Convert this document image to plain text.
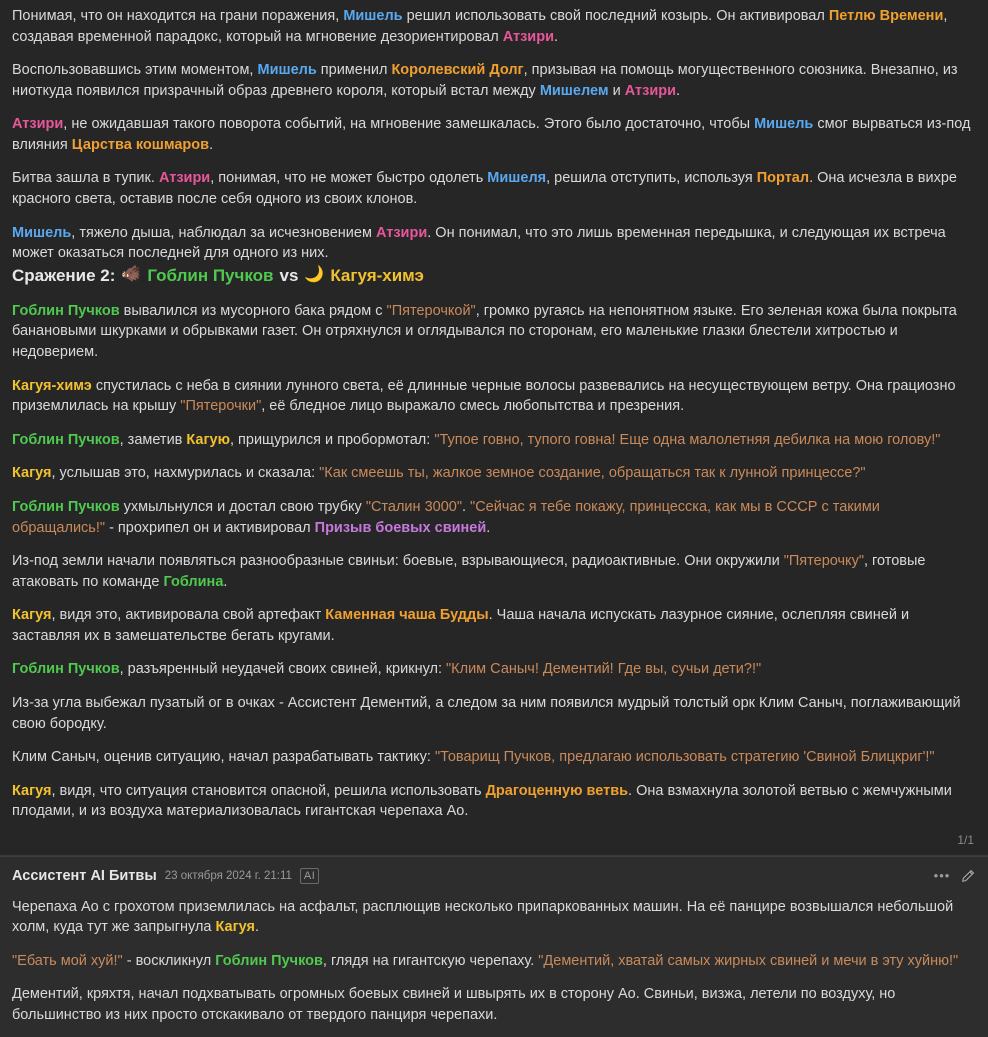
Понимая, что он находится на грани поражения, Мишель решил использовать свой последний козырь. Он активировал Петлю Времени, создавая временной парадокс, который на мгновение дезориентировал Атзири.

Воспользовавшись этим моментом, Мишель применил Королевский Долг, призывая на помощь могущественного союзника. Внезапно, из ниоткуда появился призрачный образ древнего короля, который встал между Мишелем и Атзири.

Атзири, не ожидавшая такого поворота событий, на мгновение замешкалась. Этого было достаточно, чтобы Мишель смог вырваться из-под влияния Царства кошмаров.

Битва зашла в тупик. Атзири, понимая, что не может быстро одолеть Мишеля, решила отступить, используя Портал. Она исчезла в вихре красного света, оставив после себя одного из своих клонов.

Мишель, тяжело дыша, наблюдал за исчезновением Атзири. Он понимал, что это лишь временная передышка, и следующая их встреча может оказаться последней для одного из них.

Сражение 2: 🐗 Гоблин Пучков vs 🌙 Кагуя-химэ

Гоблин Пучков вывалился из мусорного бака рядом с "Пятерочкой", громко ругаясь на непонятном языке. Его зеленая кожа была покрыта банановыми шкурками и обрывками газет. Он отряхнулся и оглядывался по сторонам, его маленькие глазки блестели хитростью и недоверием.

Кагуя-химэ спустилась с неба в сиянии лунного света, её длинные черные волосы развевались на несуществующем ветру. Она грациозно приземлилась на крышу "Пятерочки", её бледное лицо выражало смесь любопытства и презрения.

Гоблин Пучков, заметив Кагую, прищурился и пробормотал: "Тупое говно, тупого говна! Еще одна малолетняя дебилка на мою голову!"

Кагуя, услышав это, нахмурилась и сказала: "Как смеешь ты, жалкое земное создание, обращаться так к лунной принцессе?"

Гоблин Пучков ухмыльнулся и достал свою трубку "Сталин 3000". "Сейчас я тебе покажу, принцесска, как мы в СССР с такими обращались!" - прохрипел он и активировал Призыв боевых свиней.

Из-под земли начали появляться разнообразные свиньи: боевые, взрывающиеся, радиоактивные. Они окружили "Пятерочку", готовые атаковать по команде Гоблина.

Кагуя, видя это, активировала свой артефакт Каменная чаша Будды. Чаша начала испускать лазурное сияние, ослепляя свиней и заставляя их в замешательстве бегать кругами.

Гоблин Пучков, разъяренный неудачей своих свиней, крикнул: "Клим Саныч! Дементий! Где вы, сучьи дети?!"

Из-за угла выбежал пузатый ог в очках - Ассистент Дементий, а следом за ним появился мудрый толстый орк Клим Саныч, поглаживающий свою бородку.

Клим Саныч, оценив ситуацию, начал разрабатывать тактику: "Товарищ Пучков, предлагаю использовать стратегию 'Свиной Блицкриг'!"

Кагуя, видя, что ситуация становится опасной, решила использовать Драгоценную ветвь. Она взмахнула золотой ветвью с жемчужными плодами, и из воздуха материализовалась гигантская черепаха Ао.

1/1
Ассистент AI Битвы 23 октября 2024 г. 21:11	AI	•••

Черепаха Ао с грохотом приземлилась на асфальт, расплющив несколько припаркованных машин. На её панцире возвышался небольшой холм, куда тут же запрыгнула Кагуя.

"Ебать мой хуй!" - воскликнул Гоблин Пучков, глядя на гигантскую черепаху. "Дементий, хватай самых жирных свиней и мечи в эту хуйню!"

Дементий, кряхтя, начал подхватывать огромных боевых свиней и швырять их в сторону Ао. Свиньи, визжа, летели по воздуху, но большинство из них просто отскакивало от твердого панциря черепахи.
